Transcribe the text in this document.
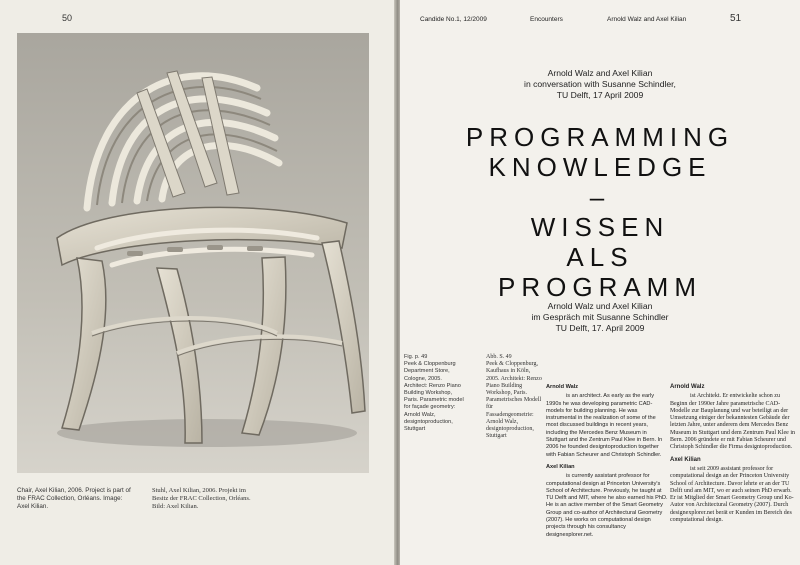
50
Chair, Axel Kilian, 2006. Project is part of the FRAC Collection, Orléans. Image: Axel Kilian.
Stuhl, Axel Kilian, 2006. Projekt im Besitz der FRAC Collection, Orléans. Bild: Axel Kilian.
Candide No.1, 12/2009	Encounters	Arnold Walz and Axel Kilian	51
Arnold Walz and Axel Kilian
in conversation with Susanne Schindler,
TU Delft, 17 April 2009
PROGRAMMING
KNOWLEDGE
–
WISSEN
ALS
PROGRAMM
Arnold Walz und Axel Kilian
im Gespräch mit Susanne Schindler
TU Delft, 17. April 2009
Fig. p. 49
Peek & Cloppenburg Department Store, Cologne, 2005. Architect: Renzo Piano Building Workshop, Paris. Parametric model for façade geometry: Arnold Walz, designtoproduction, Stuttgart
Abb. S. 49
Peek & Cloppenburg, Kaufhaus in Köln, 2005. Architekt: Renzo Piano Building Workshop, Paris. Parametrisches Modell für Fassadengeometrie: Arnold Walz, designtoproduction, Stuttgart
Arnold Walz
is an architect. As early as the early 1990s he was developing parametric CAD-models for building planning. He was instrumental in the realization of some of the most discussed buildings in recent years, including the Mercedes Benz Museum in Stuttgart and the Zentrum Paul Klee in Bern. In 2006 he founded designtoproduction together with Fabian Scheurer and Christoph Schindler.
Axel Kilian
is currently assistant professor for computational design at Princeton University's School of Architecture. Previously, he taught at TU Delft and MIT, where he also earned his PhD. He is an active member of the Smart Geometry Group and co-author of Architectural Geometry (2007). He works on computational design projects through his consultancy designexplorer.net.
Arnold Walz
ist Architekt. Er entwickelte schon zu Beginn der 1990er Jahre parametrische CAD-Modelle zur Bauplanung und war beteiligt an der Umsetzung einiger der bekanntesten Gebäude der letzten Jahre, unter anderem dem Mercedes Benz Museum in Stuttgart und dem Zentrum Paul Klee in Bern. 2006 gründete er mit Fabian Scheurer und Christoph Schindler die Firma designtoproduction.
Axel Kilian
ist seit 2009 assistant professor for computational design an der Princeton University School of Architecture. Davor lehrte er an der TU Delft und am MIT, wo er auch seinen PhD erwarb. Er ist Mitglied der Smart Geometry Group und Ko-Autor von Architectural Geometry (2007). Durch designexplorer.net berät er Kunden im Bereich des computational design.
